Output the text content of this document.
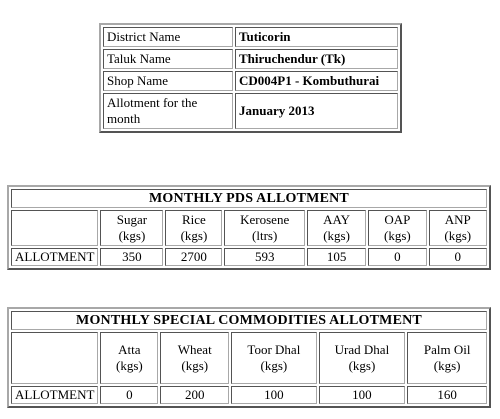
District Name	Tuticorin
Taluk Name	Thiruchendur (Tk)
Shop Name	CD004P1 - Kombuthurai
Allotment for the month	January 2013
MONTHLY PDS ALLOTMENT						
	Sugar (kgs)	Rice (kgs)	Kerosene (ltrs)	AAY (kgs)	OAP (kgs)	ANP (kgs)
ALLOTMENT	350	2700	593	105	0	0
MONTHLY SPECIAL COMMODITIES ALLOTMENT					
	Atta (kgs)	Wheat (kgs)	Toor Dhal (kgs)	Urad Dhal (kgs)	Palm Oil (kgs)
ALLOTMENT	0	200	100	100	160
